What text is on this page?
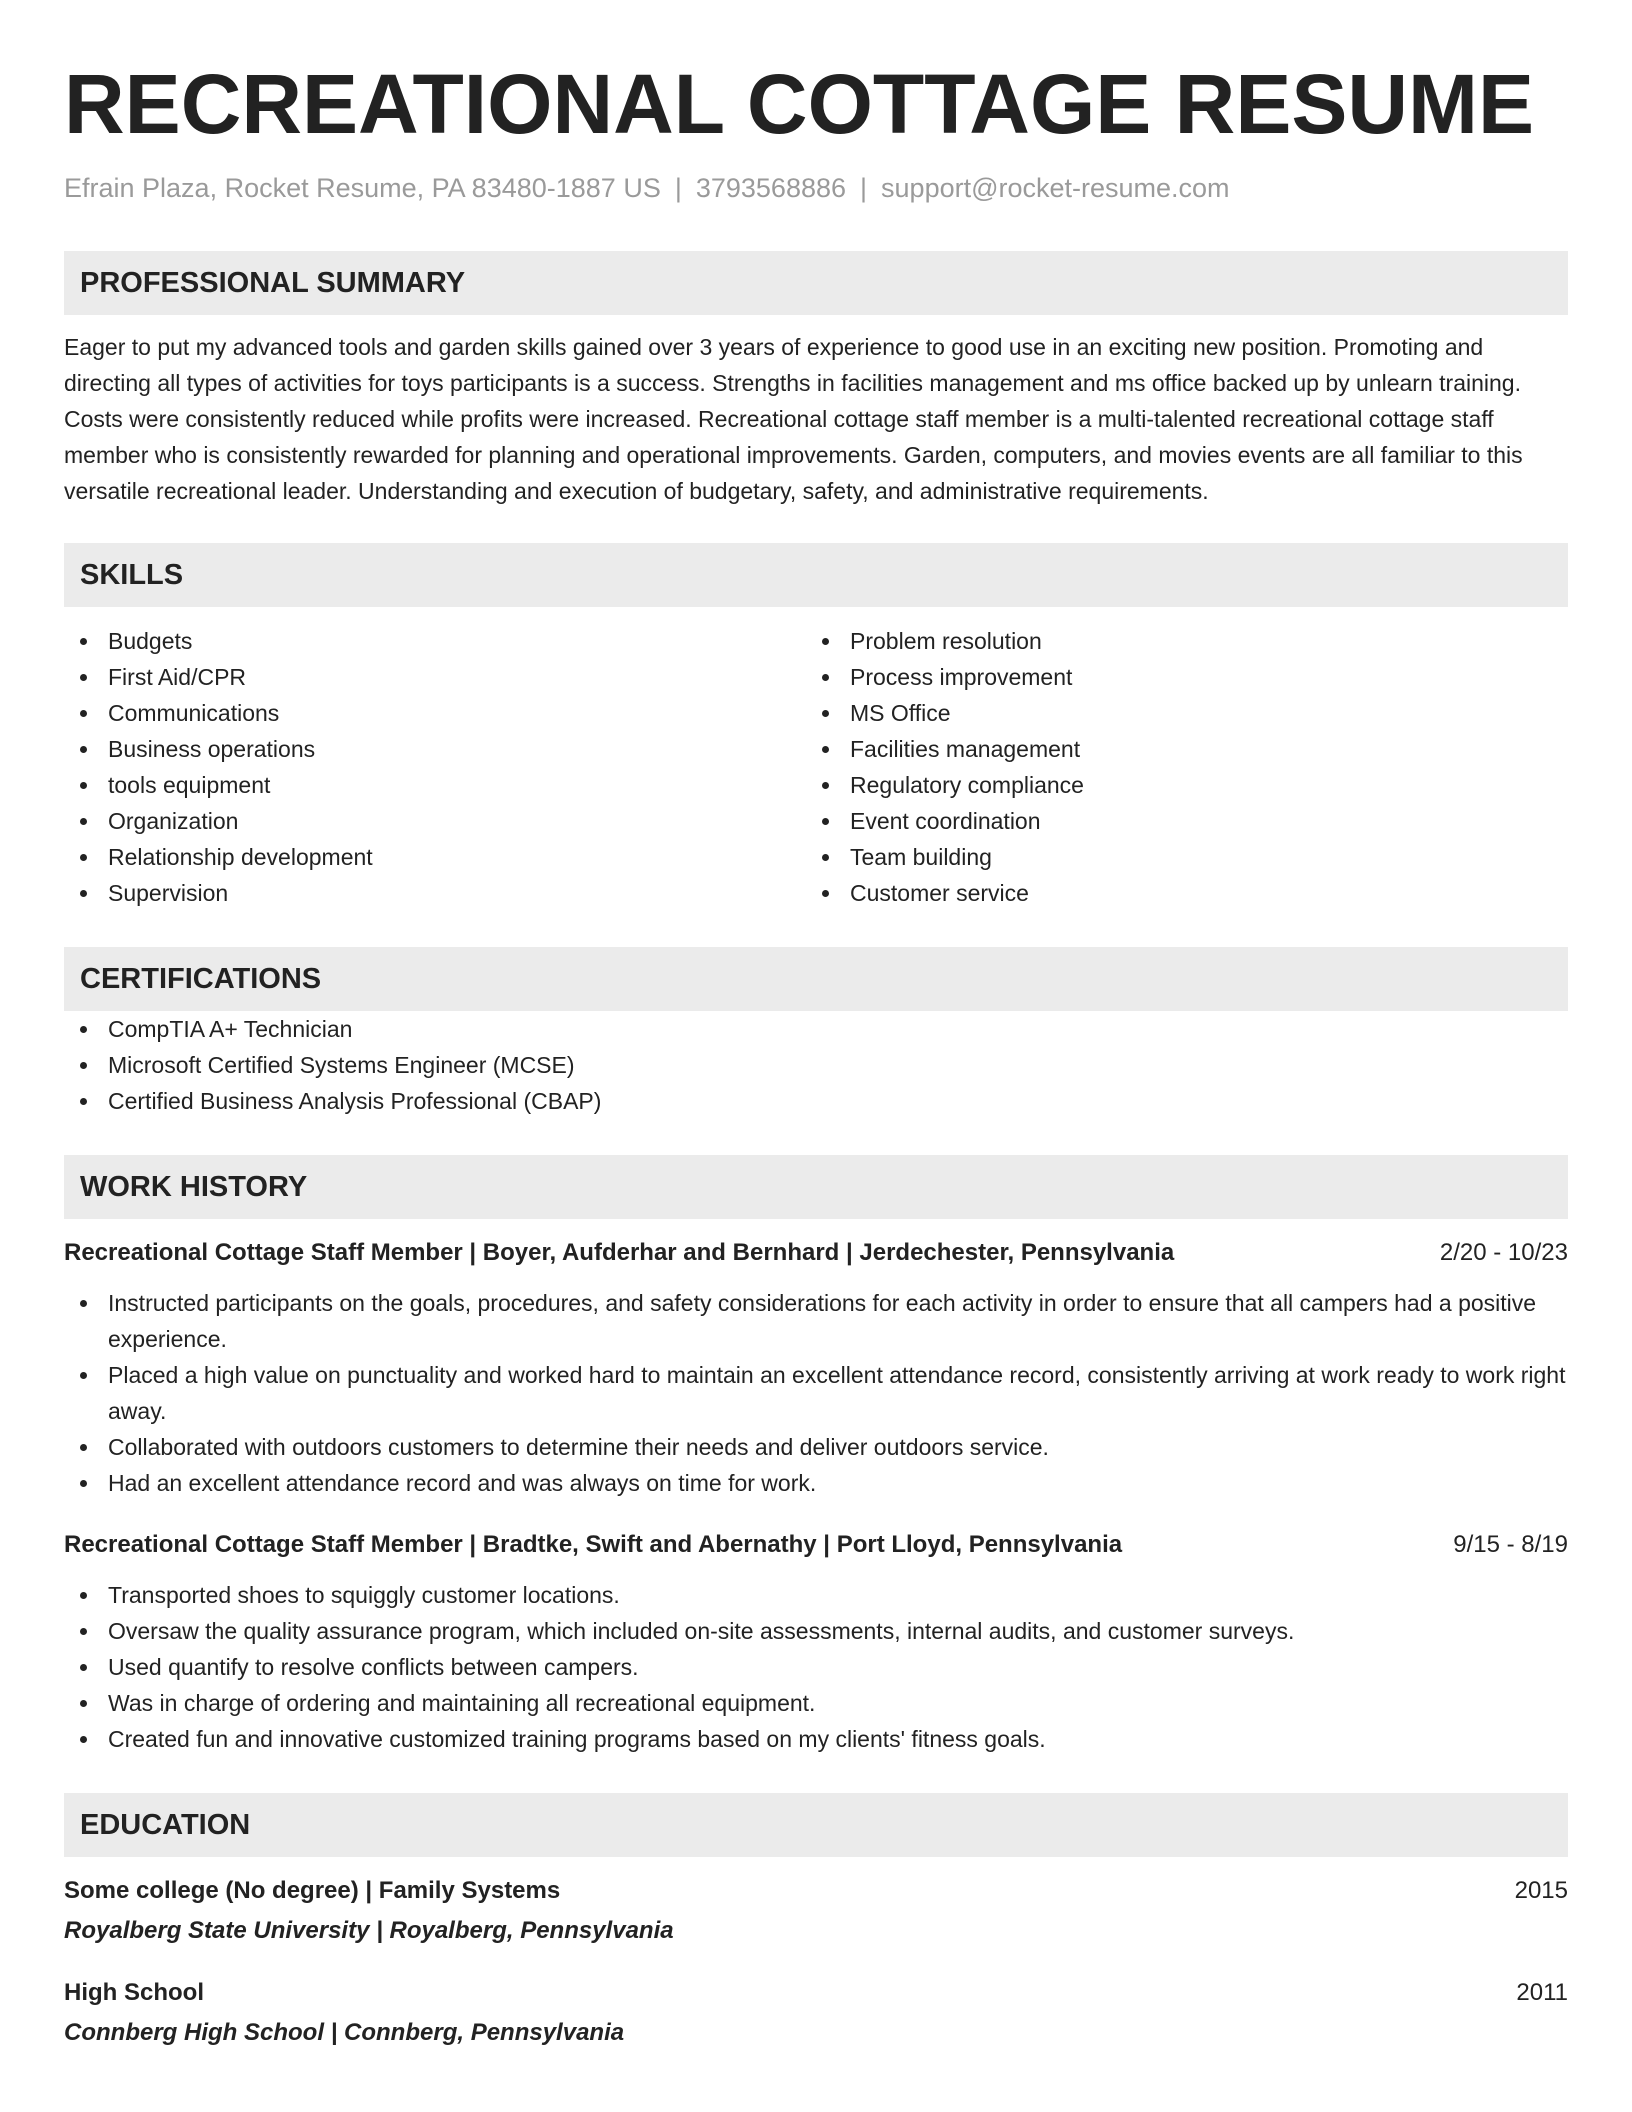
RECREATIONAL COTTAGE RESUME
Efrain Plaza, Rocket Resume, PA 83480-1887 US | 3793568886 | support@rocket-resume.com
PROFESSIONAL SUMMARY
Eager to put my advanced tools and garden skills gained over 3 years of experience to good use in an exciting new position. Promoting and directing all types of activities for toys participants is a success. Strengths in facilities management and ms office backed up by unlearn training. Costs were consistently reduced while profits were increased. Recreational cottage staff member is a multi-talented recreational cottage staff member who is consistently rewarded for planning and operational improvements. Garden, computers, and movies events are all familiar to this versatile recreational leader. Understanding and execution of budgetary, safety, and administrative requirements.
SKILLS
Budgets
First Aid/CPR
Communications
Business operations
tools equipment
Organization
Relationship development
Supervision
Problem resolution
Process improvement
MS Office
Facilities management
Regulatory compliance
Event coordination
Team building
Customer service
CERTIFICATIONS
CompTIA A+ Technician
Microsoft Certified Systems Engineer (MCSE)
Certified Business Analysis Professional (CBAP)
WORK HISTORY
Recreational Cottage Staff Member | Boyer, Aufderhar and Bernhard | Jerdechester, Pennsylvania	2/20 - 10/23
Instructed participants on the goals, procedures, and safety considerations for each activity in order to ensure that all campers had a positive experience.
Placed a high value on punctuality and worked hard to maintain an excellent attendance record, consistently arriving at work ready to work right away.
Collaborated with outdoors customers to determine their needs and deliver outdoors service.
Had an excellent attendance record and was always on time for work.
Recreational Cottage Staff Member | Bradtke, Swift and Abernathy | Port Lloyd, Pennsylvania	9/15 - 8/19
Transported shoes to squiggly customer locations.
Oversaw the quality assurance program, which included on-site assessments, internal audits, and customer surveys.
Used quantify to resolve conflicts between campers.
Was in charge of ordering and maintaining all recreational equipment.
Created fun and innovative customized training programs based on my clients' fitness goals.
EDUCATION
Some college (No degree) | Family Systems	2015
Royalberg State University | Royalberg, Pennsylvania
High School	2011
Connberg High School | Connberg, Pennsylvania
